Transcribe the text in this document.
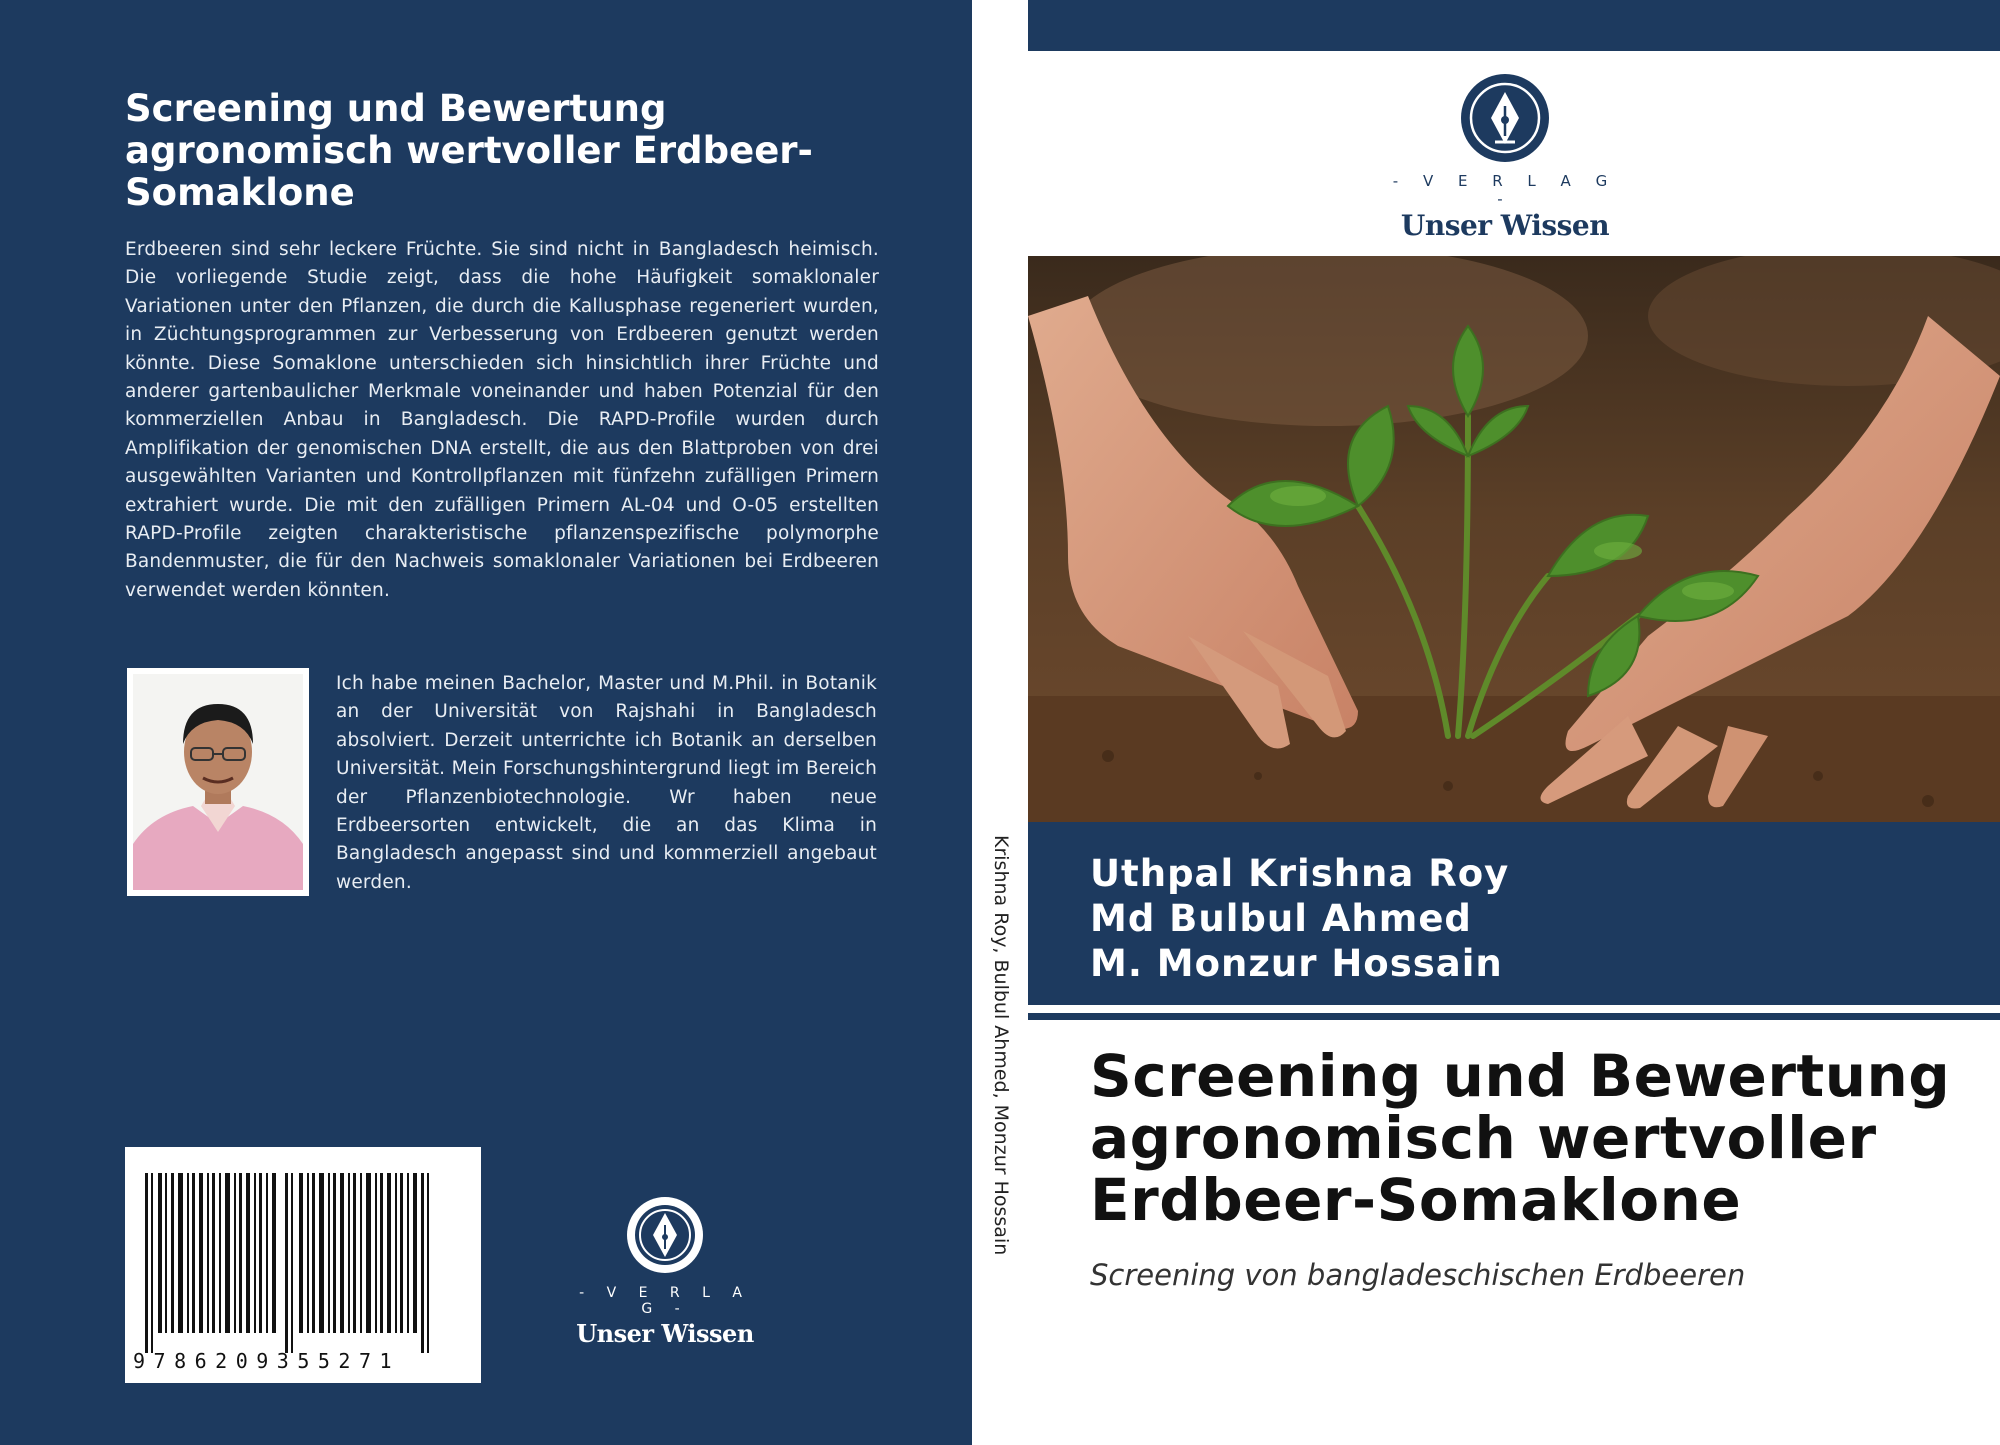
Screening und Bewertung agronomisch wertvoller Erdbeer-Somaklone

Erdbeeren sind sehr leckere Früchte. Sie sind nicht in Bangladesch heimisch. Die vorliegende Studie zeigt, dass die hohe Häufigkeit somaklonaler Variationen unter den Pflanzen, die durch die Kallusphase regeneriert wurden, in Züchtungsprogrammen zur Verbesserung von Erdbeeren genutzt werden könnte. Diese Somaklone unterschieden sich hinsichtlich ihrer Früchte und anderer gartenbaulicher Merkmale voneinander und haben Potenzial für den kommerziellen Anbau in Bangladesch. Die RAPD-Profile wurden durch Amplifikation der genomischen DNA erstellt, die aus den Blattproben von drei ausgewählten Varianten und Kontrollpflanzen mit fünfzehn zufälligen Primern extrahiert wurde. Die mit den zufälligen Primern AL-04 und O-05 erstellten RAPD-Profile zeigten charakteristische pflanzenspezifische polymorphe Bandenmuster, die für den Nachweis somaklonaler Variationen bei Erdbeeren verwendet werden könnten.

Ich habe meinen Bachelor, Master und M.Phil. in Botanik an der Universität von Rajshahi in Bangladesch absolviert. Derzeit unterrichte ich Botanik an derselben Universität. Mein Forschungshintergrund liegt im Bereich der Pflanzenbiotechnologie. Wr haben neue Erdbeersorten entwickelt, die an das Klima in Bangladesch angepasst sind und kommerziell angebaut werden.

9786209355271
- V E R L A G -
Unser Wissen
Krishna Roy, Bulbul Ahmed, Monzur Hossain
- V E R L A G -
Unser Wissen
Uthpal Krishna Roy
Md Bulbul Ahmed
M. Monzur Hossain
Screening und Bewertung agronomisch wertvoller Erdbeer-Somaklone
Screening von bangladeschischen Erdbeeren
